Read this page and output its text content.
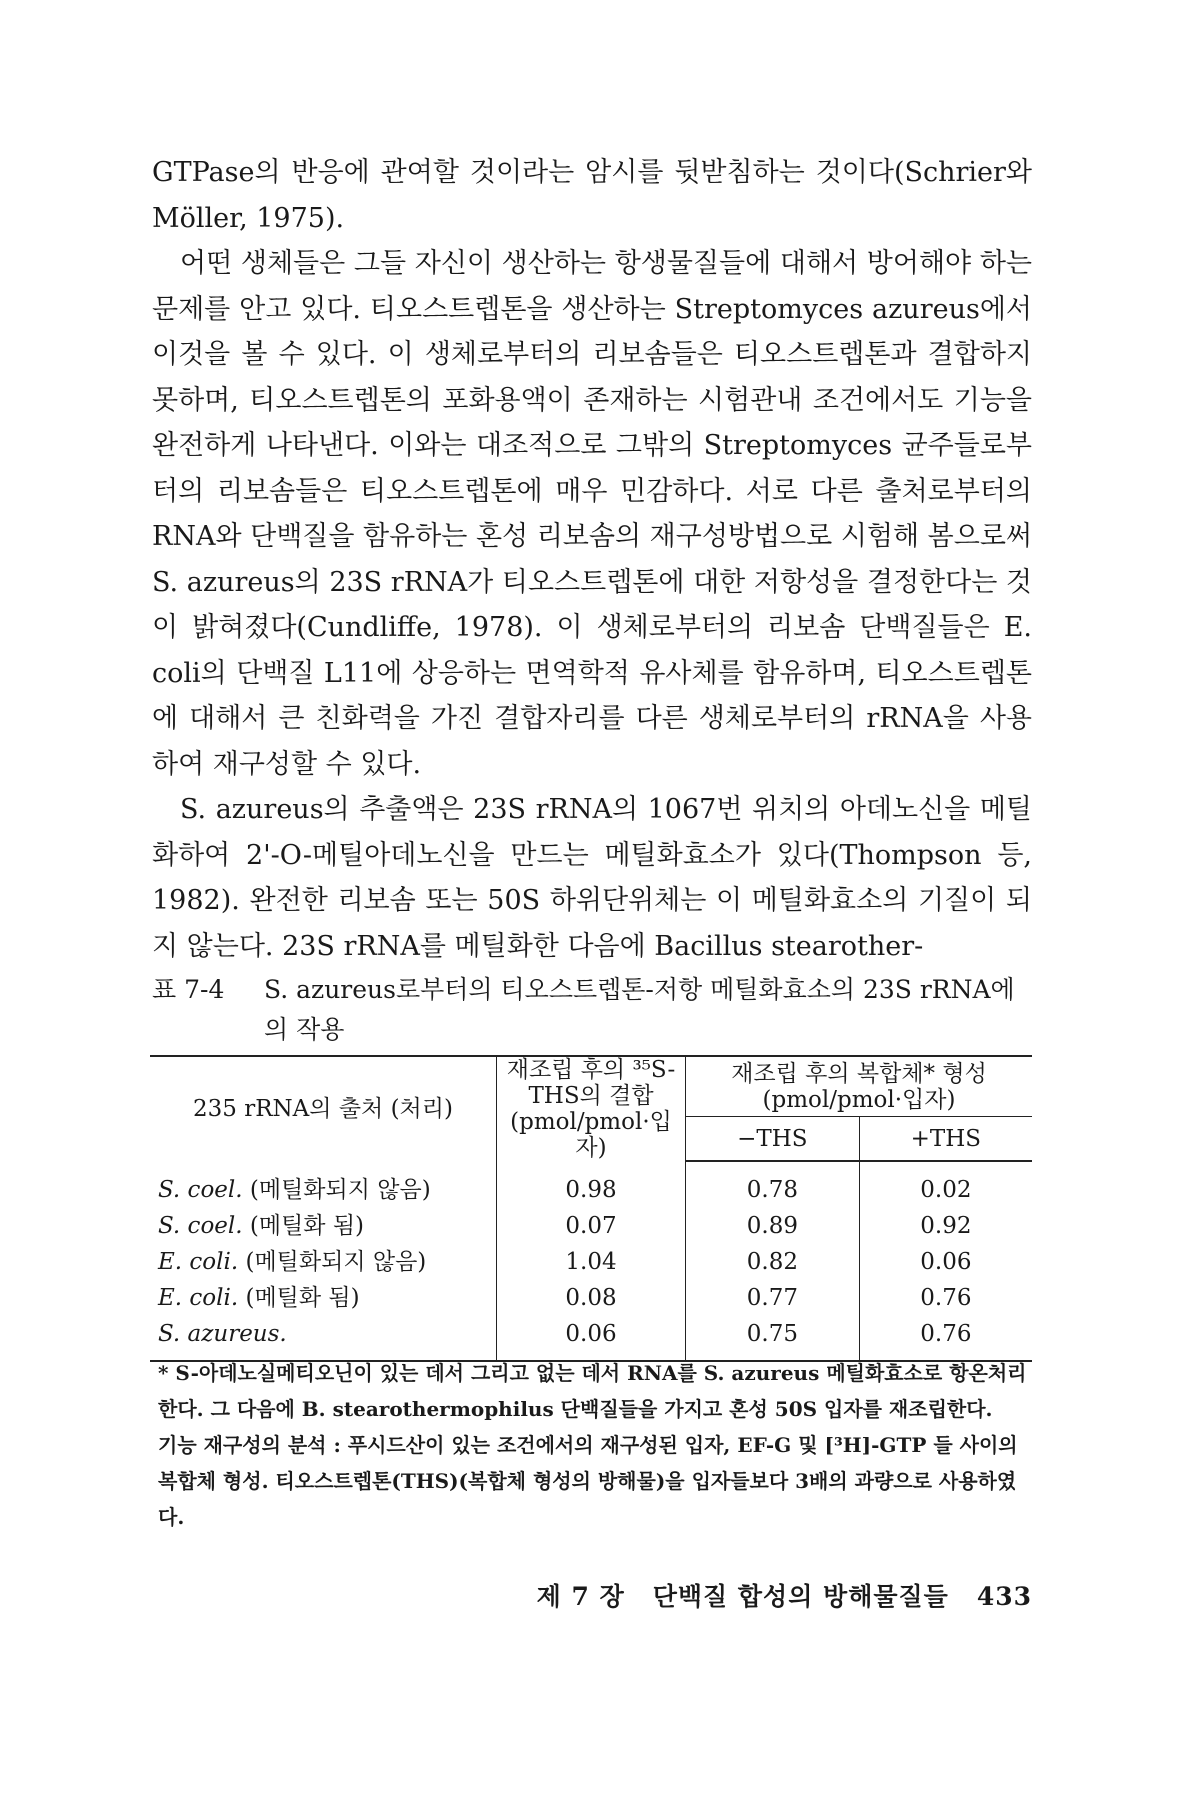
GTPase의 반응에 관여할 것이라는 암시를 뒷받침하는 것이다(Schrier와 Möller, 1975).

어떤 생체들은 그들 자신이 생산하는 항생물질들에 대해서 방어해야 하는 문제를 안고 있다. 티오스트렙톤을 생산하는 Streptomyces azureus에서 이것을 볼 수 있다. 이 생체로부터의 리보솜들은 티오스트렙톤과 결합하지 못하며, 티오스트렙톤의 포화용액이 존재하는 시험관내 조건에서도 기능을 완전하게 나타낸다. 이와는 대조적으로 그밖의 Streptomyces 균주들로부터의 리보솜들은 티오스트렙톤에 매우 민감하다. 서로 다른 출처로부터의 RNA와 단백질을 함유하는 혼성 리보솜의 재구성방법으로 시험해 봄으로써 S. azureus의 23S rRNA가 티오스트렙톤에 대한 저항성을 결정한다는 것이 밝혀졌다(Cundliffe, 1978). 이 생체로부터의 리보솜 단백질들은 E. coli의 단백질 L11에 상응하는 면역학적 유사체를 함유하며, 티오스트렙톤에 대해서 큰 친화력을 가진 결합자리를 다른 생체로부터의 rRNA을 사용하여 재구성할 수 있다.

S. azureus의 추출액은 23S rRNA의 1067번 위치의 아데노신을 메틸화하여 2'-O-메틸아데노신을 만드는 메틸화효소가 있다(Thompson 등, 1982). 완전한 리보솜 또는 50S 하위단위체는 이 메틸화효소의 기질이 되지 않는다. 23S rRNA를 메틸화한 다음에 Bacillus stearother-

표 7-4	S. azureus로부터의 티오스트렙톤-저항 메틸화효소의 23S rRNA에의 작용
235 rRNA의 출처 (처리)	재조립 후의 ³⁵S-THS의 결합 (pmol/pmol·입자)	재조립 후의 복합체* 형성 (pmol/pmol·입자)	
		−THS	+THS
S. coel. (메틸화되지 않음)	0.98	0.78	0.02
S. coel. (메틸화 됨)	0.07	0.89	0.92
E. coli. (메틸화되지 않음)	1.04	0.82	0.06
E. coli. (메틸화 됨)	0.08	0.77	0.76
S. azureus.	0.06	0.75	0.76

* S-아데노실메티오닌이 있는 데서 그리고 없는 데서 RNA를 S. azureus 메틸화효소로 항온처리한다. 그 다음에 B. stearothermophilus 단백질들을 가지고 혼성 50S 입자를 재조립한다.

기능 재구성의 분석 : 푸시드산이 있는 조건에서의 재구성된 입자, EF-G 및 [³H]-GTP 들 사이의 복합체 형성. 티오스트렙톤(THS)(복합체 형성의 방해물)을 입자들보다 3배의 과량으로 사용하였다.

제 7 장 단백질 합성의 방해물질들 433
